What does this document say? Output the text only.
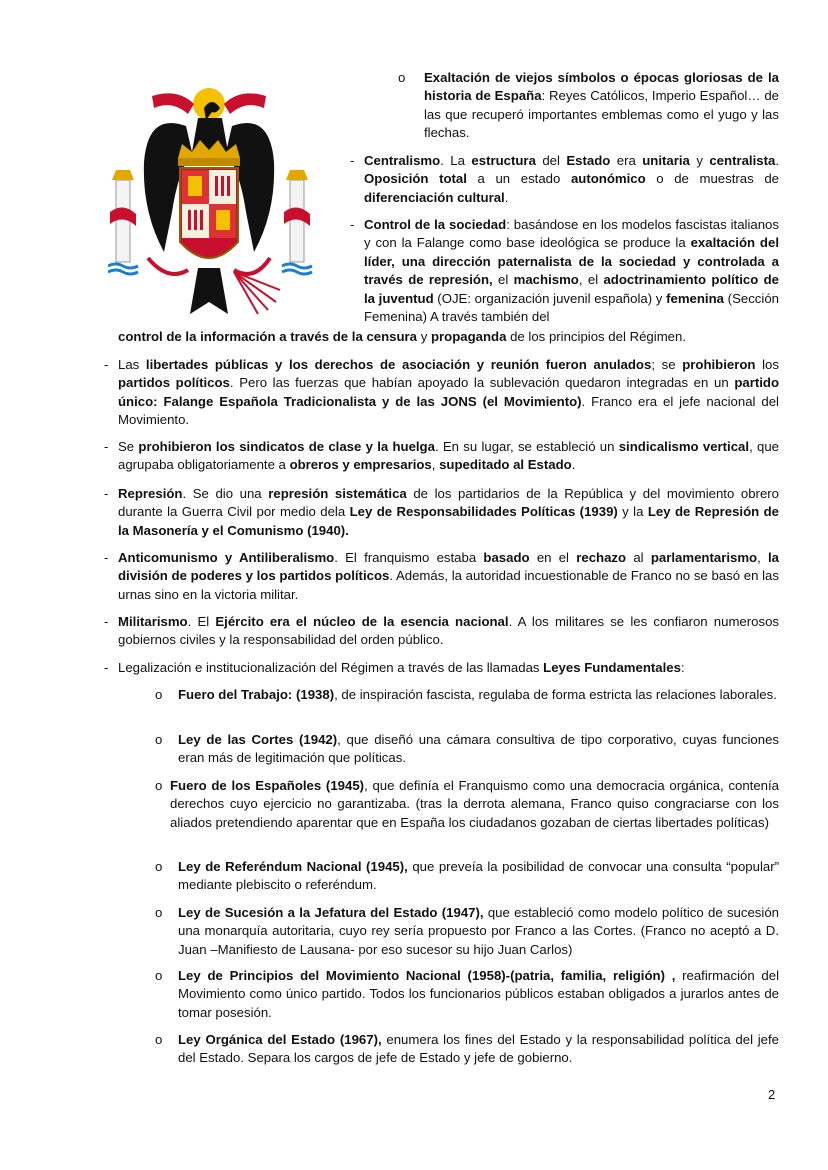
o	Exaltación de viejos símbolos o épocas gloriosas de la historia de España: Reyes Católicos, Imperio Español… de las que recuperó importantes emblemas como el yugo y las flechas.
- Centralismo. La estructura del Estado era unitaria y centralista. Oposición total a un estado autonómico o de muestras de diferenciación cultural.
- Control de la sociedad: basándose en los modelos fascistas italianos y con la Falange como base ideológica se produce la exaltación del líder, una dirección paternalista de la sociedad y controlada a través de represión, el machismo, el adoctrinamiento político de la juventud (OJE: organización juvenil española) y femenina (Sección Femenina) A través también del
control de la información a través de la censura y propaganda de los principios del Régimen.
- Las libertades públicas y los derechos de asociación y reunión fueron anulados; se prohibieron los partidos políticos. Pero las fuerzas que habían apoyado la sublevación quedaron integradas en un partido único: Falange Española Tradicionalista y de las JONS (el Movimiento). Franco era el jefe nacional del Movimiento.
- Se prohibieron los sindicatos de clase y la huelga. En su lugar, se estableció un sindicalismo vertical, que agrupaba obligatoriamente a obreros y empresarios, supeditado al Estado.
- Represión. Se dio una represión sistemática de los partidarios de la República y del movimiento obrero durante la Guerra Civil por medio dela Ley de Responsabilidades Políticas (1939) y la Ley de Represión de la Masonería y el Comunismo (1940).
- Anticomunismo y Antiliberalismo. El franquismo estaba basado en el rechazo al parlamentarismo, la división de poderes y los partidos políticos. Además, la autoridad incuestionable de Franco no se basó en las urnas sino en la victoria militar.
- Militarismo. El Ejército era el núcleo de la esencia nacional. A los militares se les confiaron numerosos gobiernos civiles y la responsabilidad del orden público.
- Legalización e institucionalización del Régimen a través de las llamadas Leyes Fundamentales:
o	Fuero del Trabajo: (1938), de inspiración fascista, regulaba de forma estricta las relaciones laborales.
o	Ley de las Cortes (1942), que diseñó una cámara consultiva de tipo corporativo, cuyas funciones eran más de legitimación que políticas.
o Fuero de los Españoles (1945), que definía el Franquismo como una democracia orgánica, contenía derechos cuyo ejercicio no garantizaba. (tras la derrota alemana, Franco quiso congraciarse con los aliados pretendiendo aparentar que en España los ciudadanos gozaban de ciertas libertades políticas)
o	Ley de Referéndum Nacional (1945), que preveía la posibilidad de convocar una consulta “popular” mediante plebiscito o referéndum.
o	Ley de Sucesión a la Jefatura del Estado (1947), que estableció como modelo político de sucesión una monarquía autoritaria, cuyo rey sería propuesto por Franco a las Cortes. (Franco no aceptó a D. Juan –Manifiesto de Lausana- por eso sucesor su hijo Juan Carlos)
o	Ley de Principios del Movimiento Nacional (1958)-(patria, familia, religión) , reafirmación del Movimiento como único partido. Todos los funcionarios públicos estaban obligados a jurarlos antes de tomar posesión.
o	Ley Orgánica del Estado (1967), enumera los fines del Estado y la responsabilidad política del jefe del Estado. Separa los cargos de jefe de Estado y jefe de gobierno.
2
